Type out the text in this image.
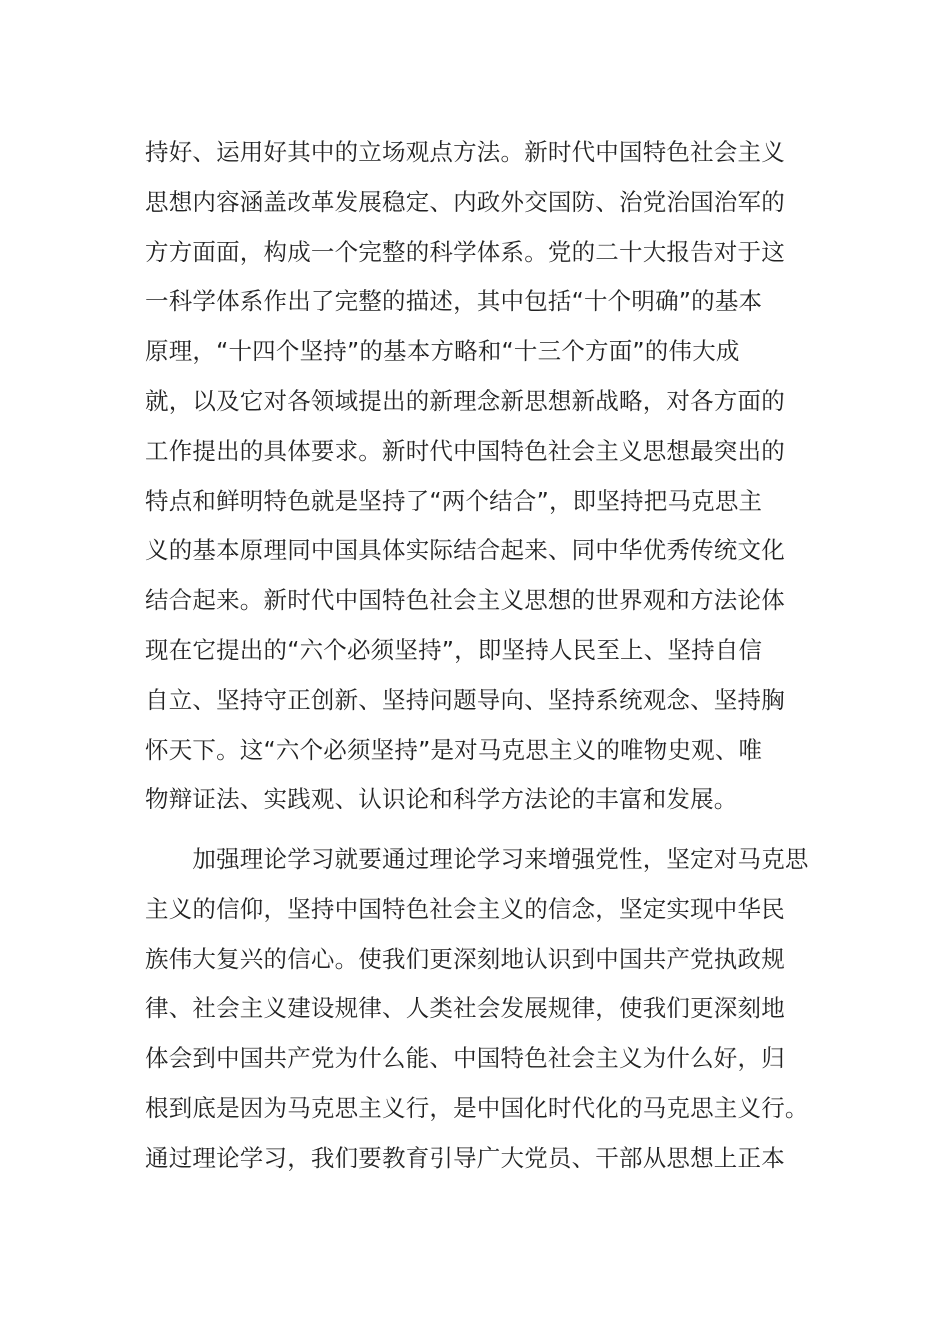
持好、运用好其中的立场观点方法。新时代中国特色社会主义
思想内容涵盖改革发展稳定、内政外交国防、治党治国治军的
方方面面，构成一个完整的科学体系。党的二十大报告对于这
一科学体系作出了完整的描述，其中包括“十个明确”的基本
原理，“十四个坚持”的基本方略和“十三个方面”的伟大成
就，以及它对各领域提出的新理念新思想新战略，对各方面的
工作提出的具体要求。新时代中国特色社会主义思想最突出的
特点和鲜明特色就是坚持了“两个结合”，即坚持把马克思主
义的基本原理同中国具体实际结合起来、同中华优秀传统文化
结合起来。新时代中国特色社会主义思想的世界观和方法论体
现在它提出的“六个必须坚持”，即坚持人民至上、坚持自信
自立、坚持守正创新、坚持问题导向、坚持系统观念、坚持胸
怀天下。这“六个必须坚持”是对马克思主义的唯物史观、唯
物辩证法、实践观、认识论和科学方法论的丰富和发展。
　　加强理论学习就要通过理论学习来增强党性，坚定对马克思
主义的信仰，坚持中国特色社会主义的信念，坚定实现中华民
族伟大复兴的信心。使我们更深刻地认识到中国共产党执政规
律、社会主义建设规律、人类社会发展规律，使我们更深刻地
体会到中国共产党为什么能、中国特色社会主义为什么好，归
根到底是因为马克思主义行，是中国化时代化的马克思主义行。
通过理论学习，我们要教育引导广大党员、干部从思想上正本
